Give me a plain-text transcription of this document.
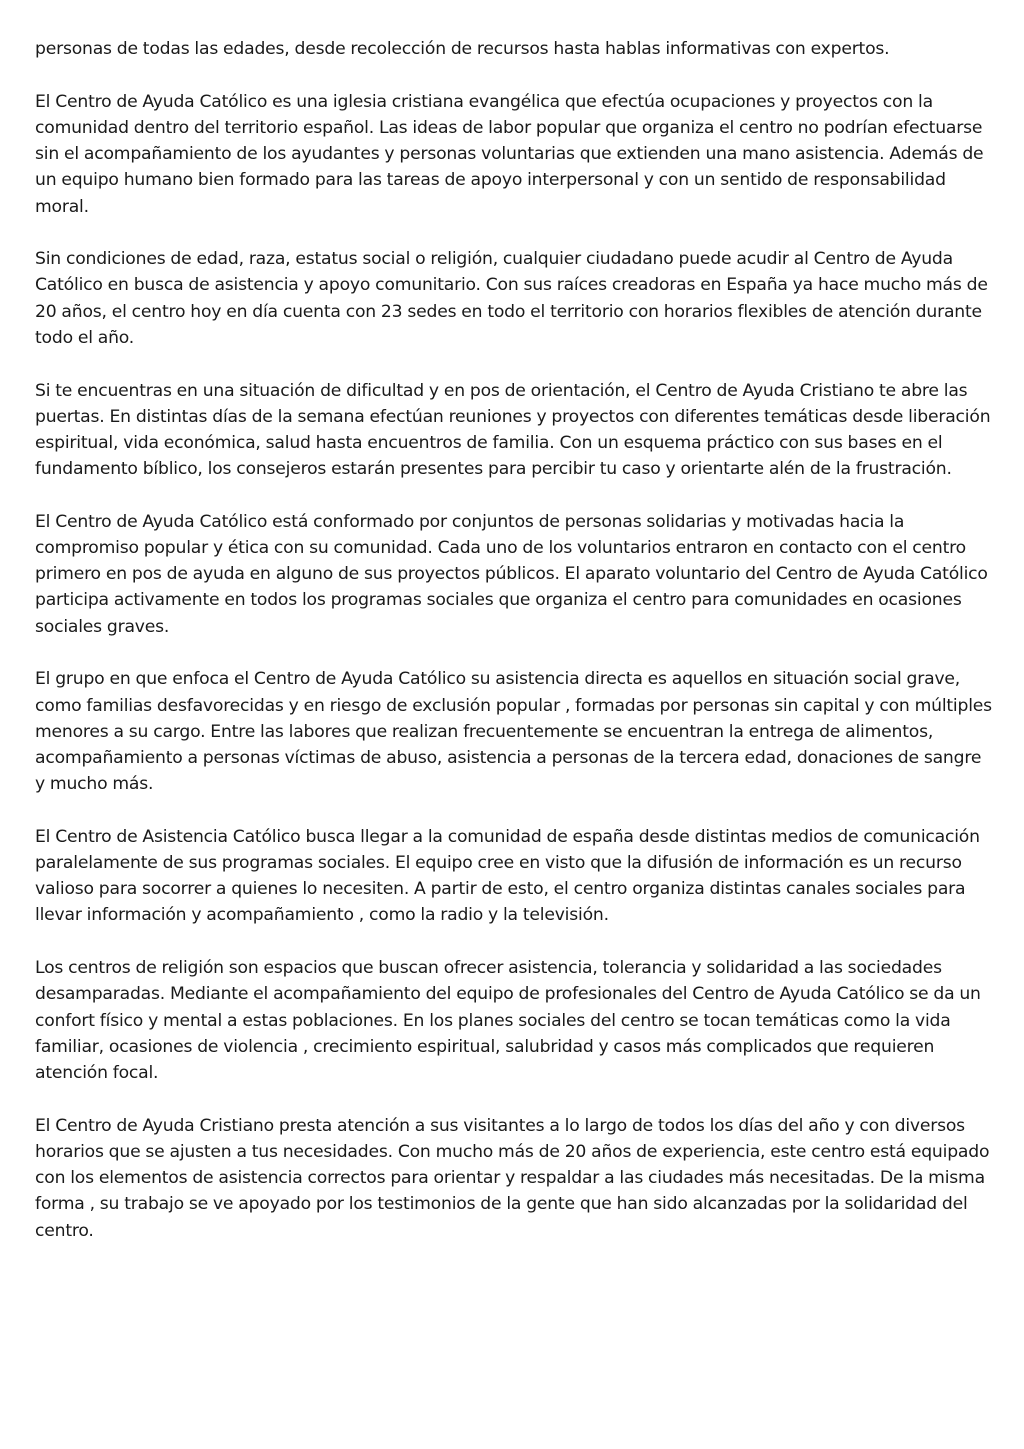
personas de todas las edades, desde recolección de recursos hasta hablas informativas con expertos.

El Centro de Ayuda Católico es una iglesia cristiana evangélica que efectúa ocupaciones y proyectos con la comunidad dentro del territorio español. Las ideas de labor popular que organiza el centro no podrían efectuarse sin el acompañamiento de los ayudantes y personas voluntarias que extienden una mano asistencia. Además de un equipo humano bien formado para las tareas de apoyo interpersonal y con un sentido de responsabilidad moral.

Sin condiciones de edad, raza, estatus social o religión, cualquier ciudadano puede acudir al Centro de Ayuda Católico en busca de asistencia y apoyo comunitario. Con sus raíces creadoras en España ya hace mucho más de 20 años, el centro hoy en día cuenta con 23 sedes en todo el territorio con horarios flexibles de atención durante todo el año.

Si te encuentras en una situación de dificultad y en pos de orientación, el Centro de Ayuda Cristiano te abre las puertas. En distintas días de la semana efectúan reuniones y proyectos con diferentes temáticas desde liberación espiritual, vida económica, salud hasta encuentros de familia. Con un esquema práctico con sus bases en el fundamento bíblico, los consejeros estarán presentes para percibir tu caso y orientarte alén de la frustración.

El Centro de Ayuda Católico está conformado por conjuntos de personas solidarias y motivadas hacia la compromiso popular y ética con su comunidad. Cada uno de los voluntarios entraron en contacto con el centro primero en pos de ayuda en alguno de sus proyectos públicos. El aparato voluntario del Centro de Ayuda Católico participa activamente en todos los programas sociales que organiza el centro para comunidades en ocasiones sociales graves.

El grupo en que enfoca el Centro de Ayuda Católico su asistencia directa es aquellos en situación social grave, como familias desfavorecidas y en riesgo de exclusión popular , formadas por personas sin capital y con múltiples menores a su cargo. Entre las labores que realizan frecuentemente se encuentran la entrega de alimentos, acompañamiento a personas víctimas de abuso, asistencia a personas de la tercera edad, donaciones de sangre y mucho más.

El Centro de Asistencia Católico busca llegar a la comunidad de españa desde distintas medios de comunicación paralelamente de sus programas sociales. El equipo cree en visto que la difusión de información es un recurso valioso para socorrer a quienes lo necesiten. A partir de esto, el centro organiza distintas canales sociales para llevar información y acompañamiento , como la radio y la televisión.

Los centros de religión son espacios que buscan ofrecer asistencia, tolerancia y solidaridad a las sociedades desamparadas. Mediante el acompañamiento del equipo de profesionales del Centro de Ayuda Católico se da un confort físico y mental a estas poblaciones. En los planes sociales del centro se tocan temáticas como la vida familiar, ocasiones de violencia , crecimiento espiritual, salubridad y casos más complicados que requieren atención focal.

El Centro de Ayuda Cristiano presta atención a sus visitantes a lo largo de todos los días del año y con diversos horarios que se ajusten a tus necesidades. Con mucho más de 20 años de experiencia, este centro está equipado con los elementos de asistencia correctos para orientar y respaldar a las ciudades más necesitadas. De la misma forma , su trabajo se ve apoyado por los testimonios de la gente que han sido alcanzadas por la solidaridad del centro.
